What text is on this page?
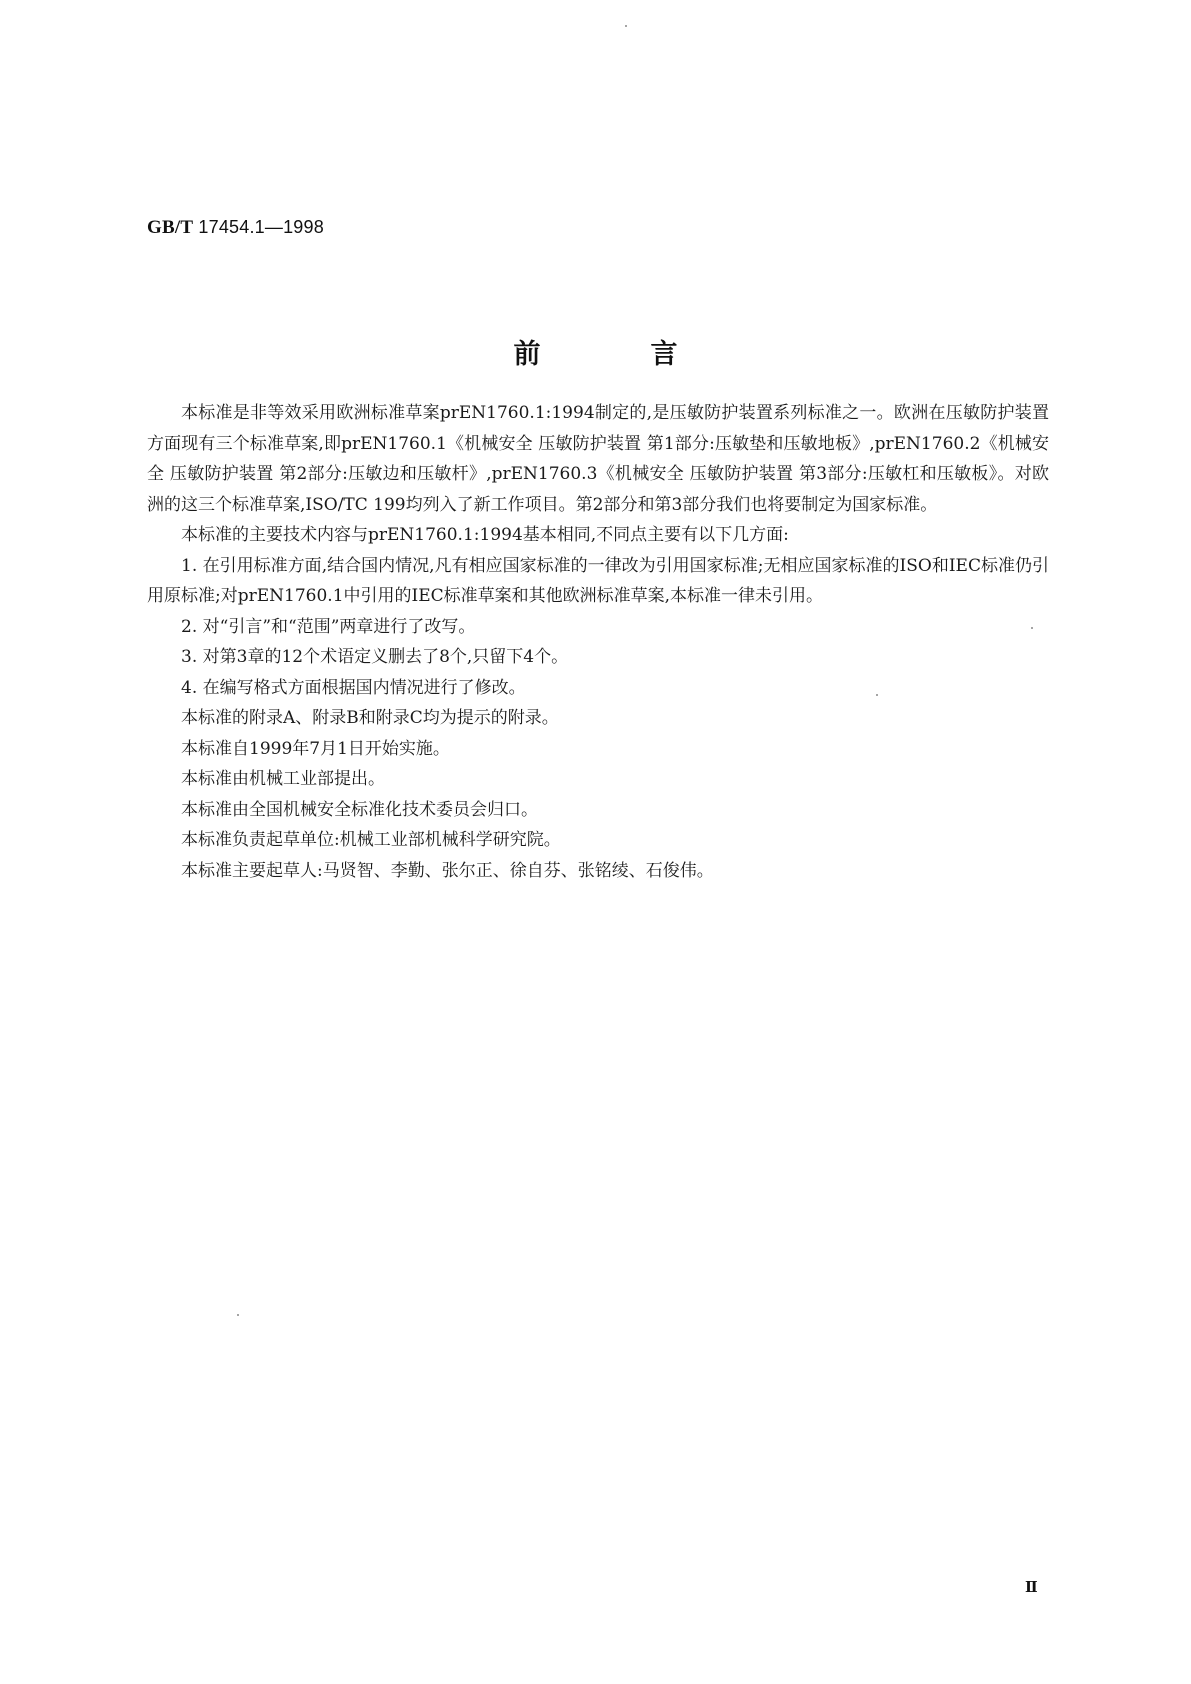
GB/T 17454.1—1998
前言

本标准是非等效采用欧洲标准草案prEN1760.1:1994制定的,是压敏防护装置系列标准之一。欧洲在压敏防护装置方面现有三个标准草案,即prEN1760.1《机械安全 压敏防护装置 第1部分:压敏垫和压敏地板》,prEN1760.2《机械安全 压敏防护装置 第2部分:压敏边和压敏杆》,prEN1760.3《机械安全 压敏防护装置 第3部分:压敏杠和压敏板》。对欧洲的这三个标准草案,ISO/TC 199均列入了新工作项目。第2部分和第3部分我们也将要制定为国家标准。

本标准的主要技术内容与prEN1760.1:1994基本相同,不同点主要有以下几方面:

1. 在引用标准方面,结合国内情况,凡有相应国家标准的一律改为引用国家标准;无相应国家标准的ISO和IEC标准仍引用原标准;对prEN1760.1中引用的IEC标准草案和其他欧洲标准草案,本标准一律未引用。

2. 对“引言”和“范围”两章进行了改写。

3. 对第3章的12个术语定义删去了8个,只留下4个。

4. 在编写格式方面根据国内情况进行了修改。

本标准的附录A、附录B和附录C均为提示的附录。

本标准自1999年7月1日开始实施。

本标准由机械工业部提出。

本标准由全国机械安全标准化技术委员会归口。

本标准负责起草单位:机械工业部机械科学研究院。

本标准主要起草人:马贤智、李勤、张尔正、徐自芬、张铭绫、石俊伟。

Ⅱ
